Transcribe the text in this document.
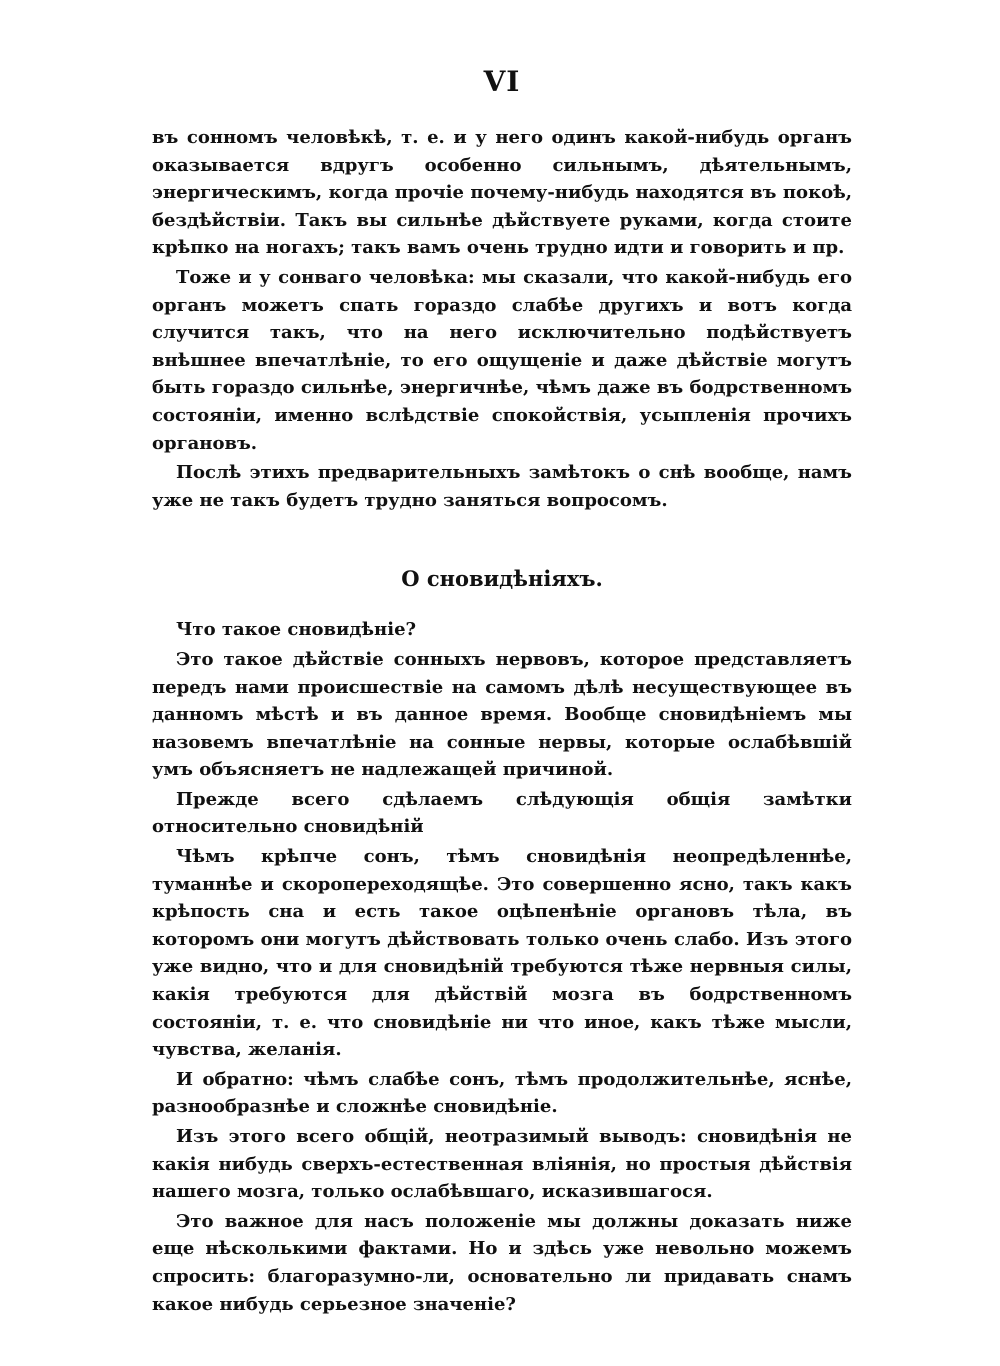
VI

въ сонномъ человѣкѣ, т. е. и у него одинъ какой-нибудь органъ оказывается вдругъ особенно сильнымъ, дѣятельнымъ, энергическимъ, когда прочіе почему-нибудь находятся въ покоѣ, бездѣйствіи. Такъ вы сильнѣе дѣйствуете руками, когда стоите крѣпко на ногахъ; такъ вамъ очень трудно идти и говорить и пр.

Тоже и у сонваго человѣка: мы сказали, что какой-нибудь его органъ можетъ спать гораздо слабѣе другихъ и вотъ когда случится такъ, что на него исключительно подѣйствуетъ внѣшнее впечатлѣніе, то его ощущеніе и даже дѣйствіе могутъ быть гораздо сильнѣе, энергичнѣе, чѣмъ даже въ бодрственномъ состояніи, именно вслѣдствіе спокойствія, усыпленія прочихъ органовъ.

Послѣ этихъ предварительныхъ замѣтокъ о снѣ вообще, намъ уже не такъ будетъ трудно заняться вопросомъ.

О сновидѣніяхъ.

Что такое сновидѣніе?

Это такое дѣйствіе сонныхъ нервовъ, которое представляетъ передъ нами происшествіе на самомъ дѣлѣ несуществующее въ данномъ мѣстѣ и въ данное время. Вообще сновидѣніемъ мы назовемъ впечатлѣніе на сонные нервы, которые ослабѣвшій умъ объясняетъ не надлежащей причиной.

Прежде всего сдѣлаемъ слѣдующія общія замѣтки относительно сновидѣній

Чѣмъ крѣпче сонъ, тѣмъ сновидѣнія неопредѣленнѣе, туманнѣе и скоропереходящѣе. Это совершенно ясно, такъ какъ крѣпость сна и есть такое оцѣпенѣніе органовъ тѣла, въ которомъ они могутъ дѣйствовать только очень слабо. Изъ этого уже видно, что и для сновидѣній требуются тѣже нервныя силы, какія требуются для дѣйствій мозга въ бодрственномъ состояніи, т. е. что сновидѣніе ни что иное, какъ тѣже мысли, чувства, желанія.

И обратно: чѣмъ слабѣе сонъ, тѣмъ продолжительнѣе, яснѣе, разнообразнѣе и сложнѣе сновидѣніе.

Изъ этого всего общій, неотразимый выводъ: сновидѣнія не какія нибудь сверхъ-естественная вліянія, но простыя дѣйствія нашего мозга, только ослабѣвшаго, исказившагося.

Это важное для насъ положеніе мы должны доказать ниже еще нѣсколькими фактами. Но и здѣсь уже невольно можемъ спросить: благоразумно-ли, основательно ли придавать снамъ какое нибудь серьезное значеніе?
